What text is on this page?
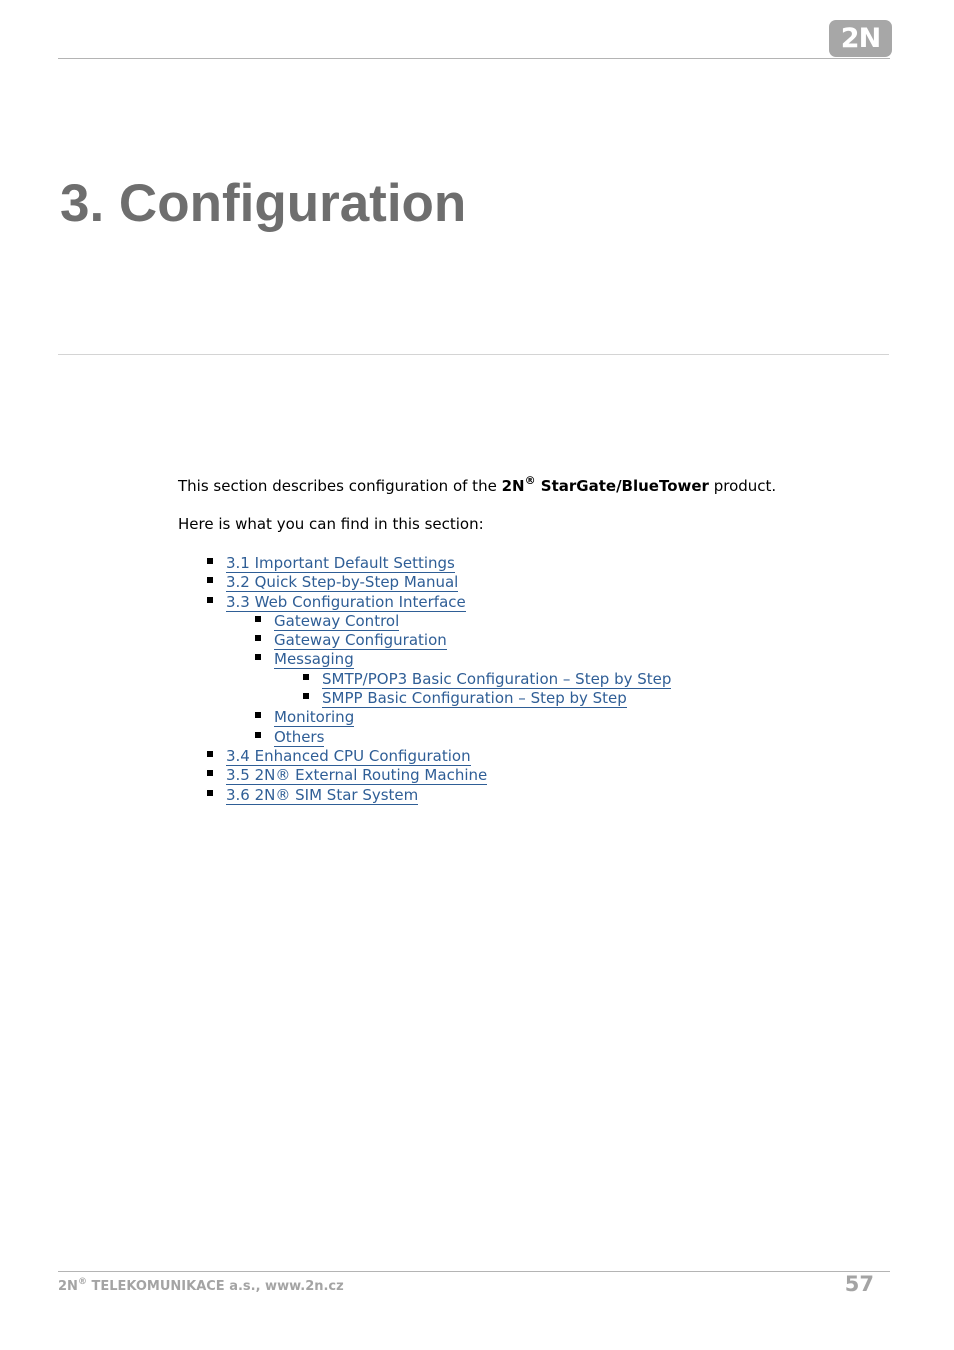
2N
3. Configuration

This section describes configuration of the 2N® StarGate/BlueTower product.

Here is what you can find in this section:

3.1 Important Default Settings
3.2 Quick Step-by-Step Manual
3.3 Web Configuration Interface
Gateway Control
Gateway Configuration
Messaging
SMTP/POP3 Basic Configuration – Step by Step
SMPP Basic Configuration – Step by Step
Monitoring
Others
3.4 Enhanced CPU Configuration
3.5 2N® External Routing Machine
3.6 2N® SIM Star System
2N® TELEKOMUNIKACE a.s., www.2n.cz	57
